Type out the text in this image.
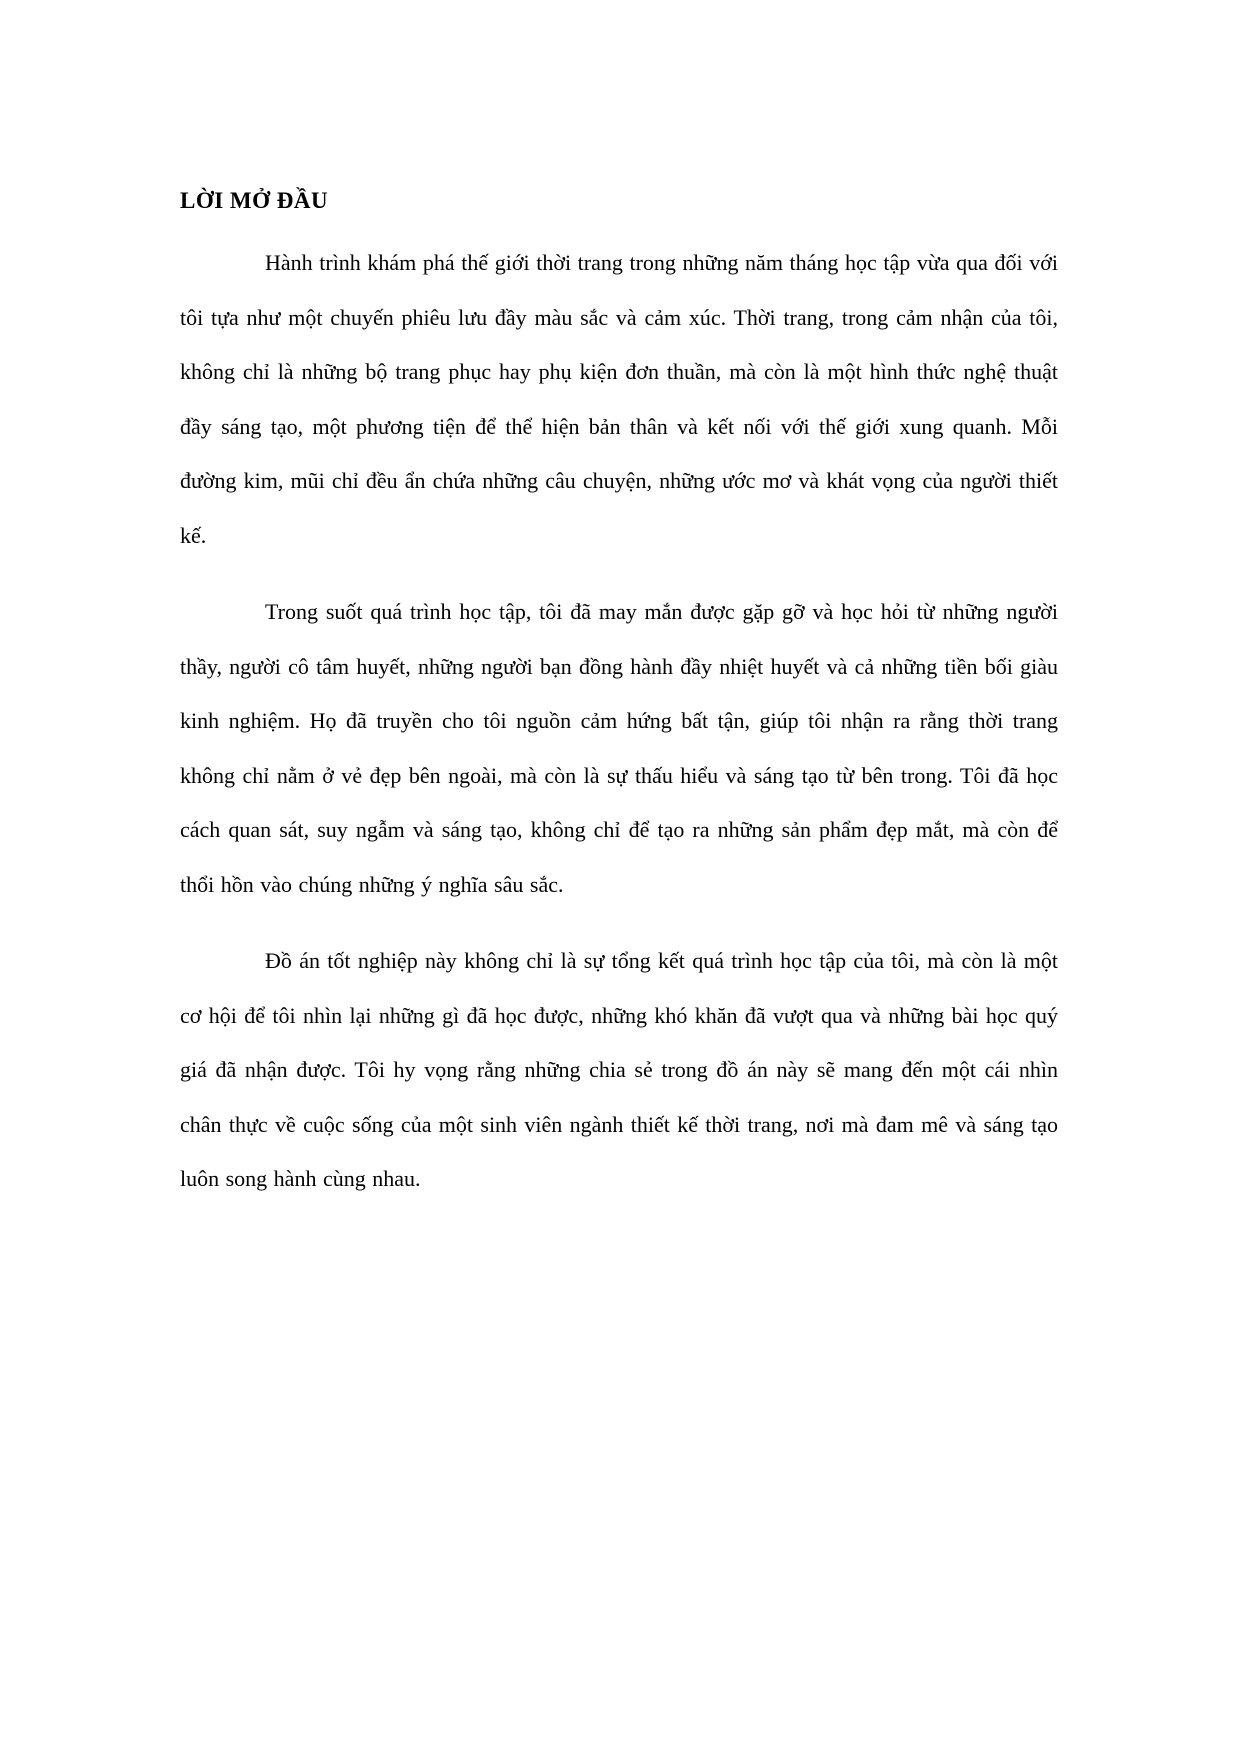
LỜI MỞ ĐẦU

Hành trình khám phá thế giới thời trang trong những năm tháng học tập vừa qua đối với tôi tựa như một chuyến phiêu lưu đầy màu sắc và cảm xúc. Thời trang, trong cảm nhận của tôi, không chỉ là những bộ trang phục hay phụ kiện đơn thuần, mà còn là một hình thức nghệ thuật đầy sáng tạo, một phương tiện để thể hiện bản thân và kết nối với thế giới xung quanh. Mỗi đường kim, mũi chỉ đều ẩn chứa những câu chuyện, những ước mơ và khát vọng của người thiết kế.

Trong suốt quá trình học tập, tôi đã may mắn được gặp gỡ và học hỏi từ những người thầy, người cô tâm huyết, những người bạn đồng hành đầy nhiệt huyết và cả những tiền bối giàu kinh nghiệm. Họ đã truyền cho tôi nguồn cảm hứng bất tận, giúp tôi nhận ra rằng thời trang không chỉ nằm ở vẻ đẹp bên ngoài, mà còn là sự thấu hiểu và sáng tạo từ bên trong. Tôi đã học cách quan sát, suy ngẫm và sáng tạo, không chỉ để tạo ra những sản phẩm đẹp mắt, mà còn để thổi hồn vào chúng những ý nghĩa sâu sắc.

Đồ án tốt nghiệp này không chỉ là sự tổng kết quá trình học tập của tôi, mà còn là một cơ hội để tôi nhìn lại những gì đã học được, những khó khăn đã vượt qua và những bài học quý giá đã nhận được. Tôi hy vọng rằng những chia sẻ trong đồ án này sẽ mang đến một cái nhìn chân thực về cuộc sống của một sinh viên ngành thiết kế thời trang, nơi mà đam mê và sáng tạo luôn song hành cùng nhau.
